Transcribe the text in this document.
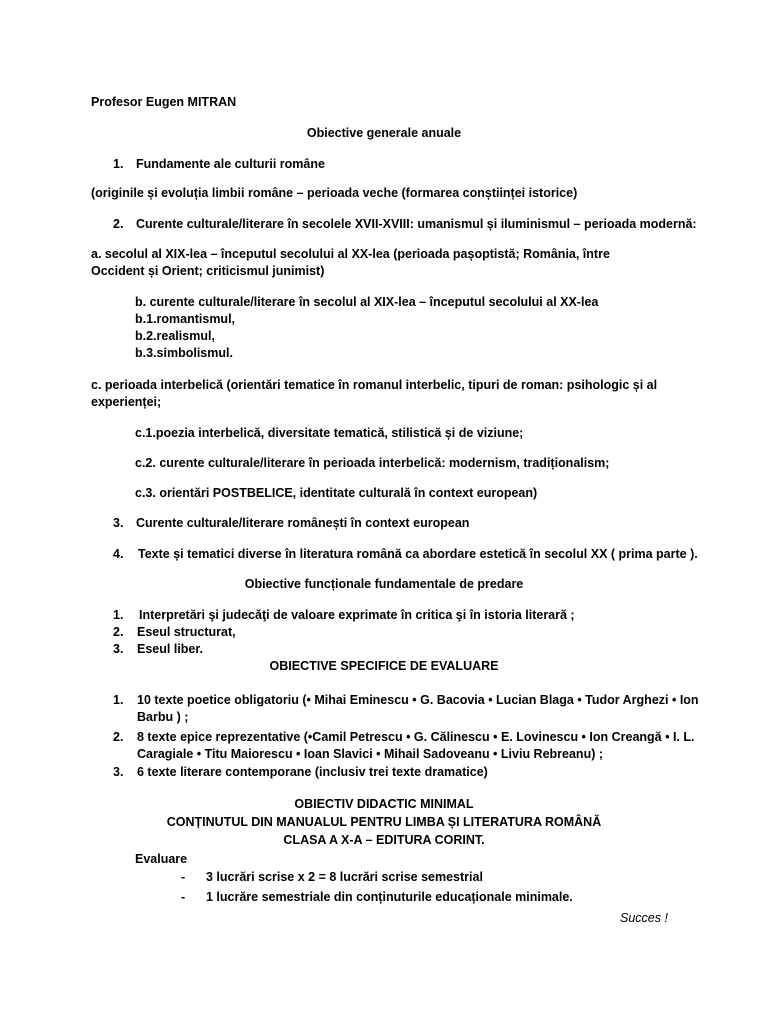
Profesor Eugen MITRAN

Obiective generale anuale

1. Fundamente ale culturii române

(originile și evoluția limbii române – perioada veche (formarea conștiinței istorice)

2. Curente culturale/literare în secolele XVII-XVIII: umanismul și iluminismul – perioada modernă:

a. secolul al XIX-lea – începutul secolului al XX-lea (perioada pașoptistă; România, între Occident și Orient; criticismul junimist)

b. curente culturale/literare în secolul al XIX-lea – începutul secolului al XX-lea

b.1.romantismul,

b.2.realismul,

b.3.simbolismul.

c. perioada interbelică (orientări tematice în romanul interbelic, tipuri de roman: psihologic și al experienței;

c.1.poezia interbelică, diversitate tematică, stilistică și de viziune;

c.2. curente culturale/literare în perioada interbelică: modernism, tradiționalism;

c.3. orientări POSTBELICE, identitate culturală în context european)

3. Curente culturale/literare românești în context european
4. Texte și tematici diverse în literatura română ca abordare estetică în secolul XX ( prima parte ).

Obiective funcționale fundamentale de predare

1. Interpretări şi judecăţi de valoare exprimate în critica şi în istoria literară ;
2. Eseul structurat,
3. Eseul liber.

OBIECTIVE SPECIFICE DE EVALUARE

1. 10 texte poetice obligatoriu (• Mihai Eminescu • G. Bacovia • Lucian Blaga • Tudor Arghezi • Ion
Barbu ) ;
2. 8 texte epice reprezentative (•Camil Petrescu • G. Călinescu • E. Lovinescu • Ion Creangă • I. L.
Caragiale • Titu Maiorescu • Ioan Slavici • Mihail Sadoveanu • Liviu Rebreanu) ;
3. 6 texte literare contemporane (inclusiv trei texte dramatice)

OBIECTIV DIDACTIC MINIMAL

CONȚINUTUL DIN MANUALUL PENTRU LIMBA ȘI LITERATURA ROMÂNĂ

CLASA A X-A – EDITURA CORINT.

Evaluare

- 3 lucrări scrise x 2 = 8 lucrări scrise semestrial
- 1 lucrăre semestriale din conținuturile educaționale minimale.

Succes !
